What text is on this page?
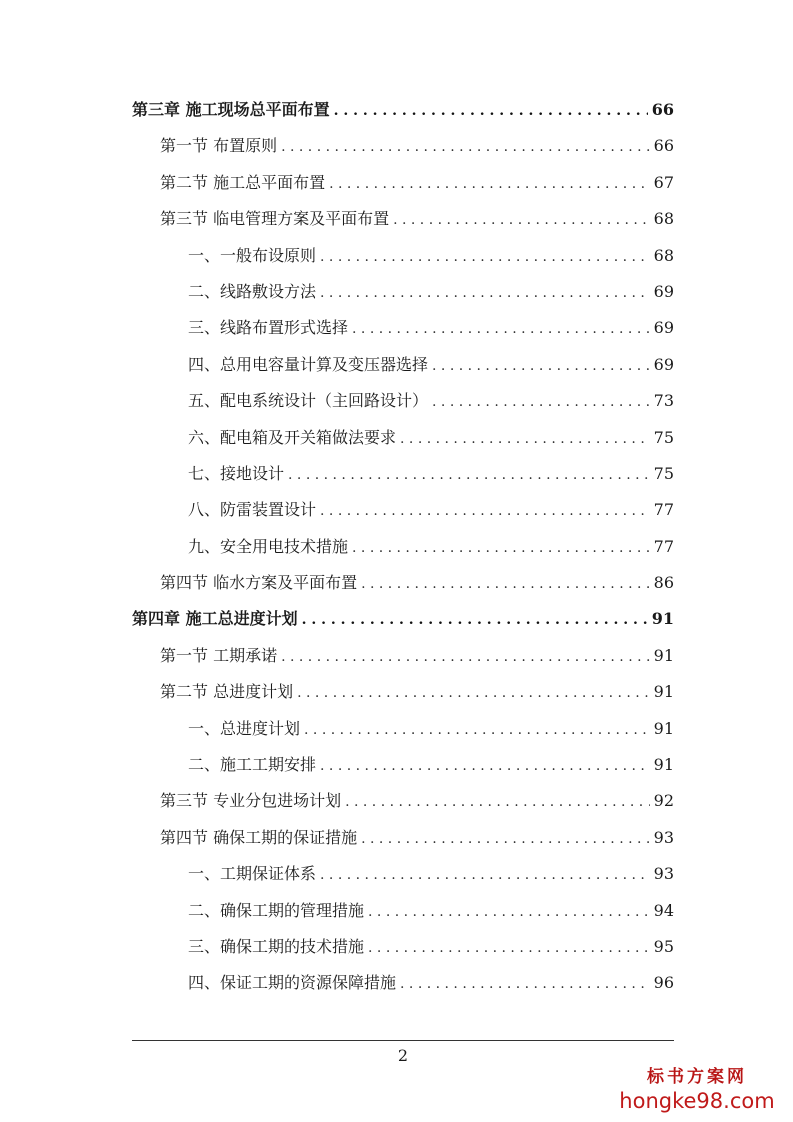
第三章 施工现场总平面布置 . . .	66
第一节 布置原则 . . .	66
第二节 施工总平面布置 . . .	67
第三节 临电管理方案及平面布置 . . .	68
一、一般布设原则 . . .	68
二、线路敷设方法 . . .	69
三、线路布置形式选择 . . .	69
四、总用电容量计算及变压器选择 . . .	69
五、配电系统设计（主回路设计） . . .	73
六、配电箱及开关箱做法要求 . . .	75
七、接地设计 . . .	75
八、防雷装置设计 . . .	77
九、安全用电技术措施 . . .	77
第四节 临水方案及平面布置 . . .	86
第四章 施工总进度计划 . . .	91
第一节 工期承诺 . . .	91
第二节 总进度计划 . . .	91
一、总进度计划 . . .	91
二、施工工期安排 . . .	91
第三节 专业分包进场计划 . . .	92
第四节 确保工期的保证措施 . . .	93
一、工期保证体系 . . .	93
二、确保工期的管理措施 . . .	94
三、确保工期的技术措施 . . .	95
四、保证工期的资源保障措施 . . .	96
2
标书方案网
hongke98.com
